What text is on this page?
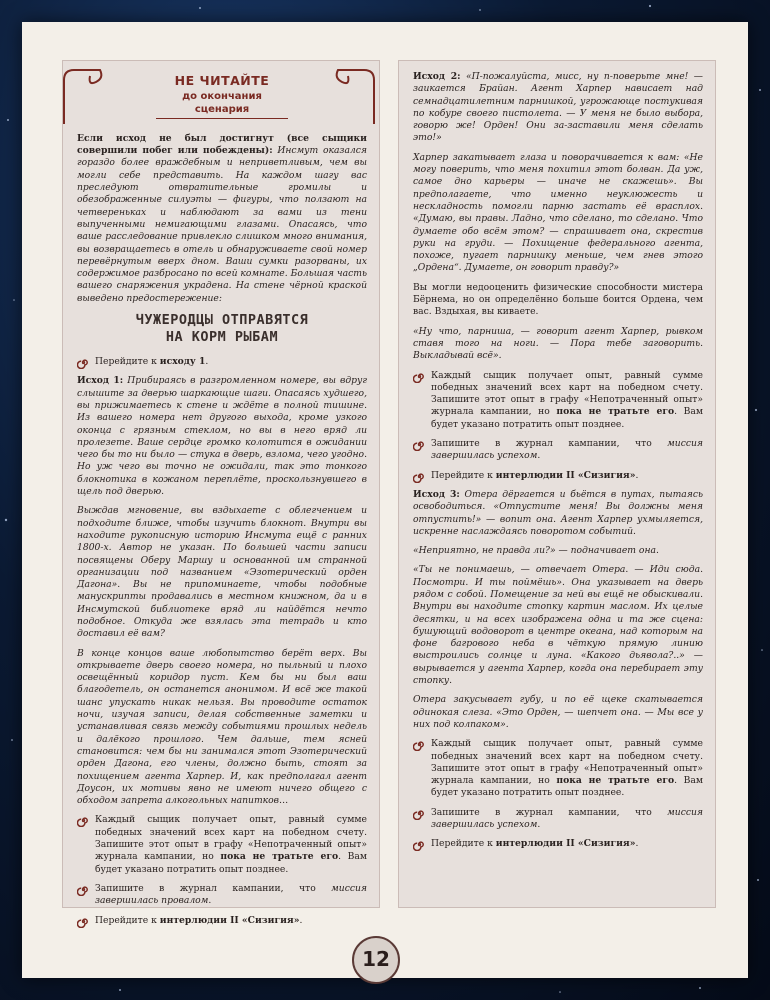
НЕ ЧИТАЙТЕ
до окончания сценария

Если исход не был достигнут (все сыщики совершили побег или побеждены): Инсмут оказался гораздо более враждебным и неприветливым, чем вы могли себе представить. На каждом шагу вас преследуют отвратительные громилы и обезображенные силуэты — фигуры, что ползают на четвереньках и наблюдают за вами из тени выпученными немигающими глазами. Опасаясь, что ваше расследование привлекло слишком много внимания, вы возвращаетесь в отель и обнаруживаете свой номер перевёрнутым вверх дном. Ваши сумки разорваны, их содержимое разбросано по всей комнате. Большая часть вашего снаряжения украдена. На стене чёрной краской выведено предостережение:

ЧУЖЕРОДЦЫ ОТПРАВЯТСЯ
НА КОРМ РЫБАМ

Перейдите к исходу 1.

Исход 1: Прибираясь в разгромленном номере, вы вдруг слышите за дверью шаркающие шаги. Опасаясь худшего, вы прижимаетесь к стене и ждёте в полной тишине. Из вашего номера нет другого выхода, кроме узкого оконца с грязным стеклом, но вы в него вряд ли пролезете. Ваше сердце громко колотится в ожидании чего бы то ни было — стука в дверь, взлома, чего угодно. Но уж чего вы точно не ожидали, так это тонкого блокнотика в кожаном переплёте, проскользнувшего в щель под дверью.

Выждав мгновение, вы вздыхаете с облегчением и подходите ближе, чтобы изучить блокнот. Внутри вы находите рукописную историю Инсмута ещё с ранних 1800-х. Автор не указан. По большей части записи посвящены Оберу Маршу и основанной им странной организации под названием «Эзотерический орден Дагона». Вы не припоминаете, чтобы подобные манускрипты продавались в местном книжном, да и в Инсмутской библиотеке вряд ли найдётся нечто подобное. Откуда же взялась эта тетрадь и кто доставил её вам?

В конце концов ваше любопытство берёт верх. Вы открываете дверь своего номера, но пыльный и плохо освещённый коридор пуст. Кем бы ни был ваш благодетель, он останется анонимом. И всё же такой шанс упускать никак нельзя. Вы проводите остаток ночи, изучая записи, делая собственные заметки и устанавливая связь между событиями прошлых недель и далёкого прошлого. Чем дальше, тем ясней становится: чем бы ни занимался этот Эзотерический орден Дагона, его члены, должно быть, стоят за похищением агента Харпер. И, как предполагал агент Доусон, их мотивы явно не имеют ничего общего с обходом запрета алкогольных напитков…

Каждый сыщик получает опыт, равный сумме победных значений всех карт на победном счету. Запишите этот опыт в графу «Непотраченный опыт» журнала кампании, но пока не тратьте его. Вам будет указано потратить опыт позднее.

Запишите в журнал кампании, что миссия завершилась провалом.

Перейдите к интерлюдии II «Сизигия».

Исход 2: «П-пожалуйста, мисс, ну п-поверьте мне! — заикается Брайан. Агент Харпер нависает над семнадцатилетним парнишкой, угрожающе постукивая по кобуре своего пистолета. — У меня не было выбора, говорю же! Орден! Они за-заставили меня сделать это!»

Харпер закатывает глаза и поворачивается к вам: «Не могу поверить, что меня похитил этот болван. Да уж, самое дно карьеры — иначе не скажешь». Вы предполагаете, что именно неуклюжесть и нескладность помогли парню застать её врасплох. «Думаю, вы правы. Ладно, что сделано, то сделано. Что думаете обо всём этом? — спрашивает она, скрестив руки на груди. — Похищение федерального агента, похоже, пугает парнишку меньше, чем гнев этого „Ордена“. Думаете, он говорит правду?»

Вы могли недооценить физические способности мистера Бёрнема, но он определённо больше боится Ордена, чем вас. Вздыхая, вы киваете.

«Ну что, парниша, — говорит агент Харпер, рывком ставя того на ноги. — Пора тебе заговорить. Выкладывай всё».

Каждый сыщик получает опыт, равный сумме победных значений всех карт на победном счету. Запишите этот опыт в графу «Непотраченный опыт» журнала кампании, но пока не тратьте его. Вам будет указано потратить опыт позднее.

Запишите в журнал кампании, что миссия завершилась успехом.

Перейдите к интерлюдии II «Сизигия».

Исход 3: Отера дёргается и бьётся в путах, пытаясь освободиться. «Отпустите меня! Вы должны меня отпустить!» — вопит она. Агент Харпер ухмыляется, искренне наслаждаясь поворотом событий.

«Неприятно, не правда ли?» — подначивает она.

«Ты не понимаешь, — отвечает Отера. — Иди сюда. Посмотри. И ты поймёшь». Она указывает на дверь рядом с собой. Помещение за ней вы ещё не обыскивали. Внутри вы находите стопку картин маслом. Их целые десятки, и на всех изображена одна и та же сцена: бушующий водоворот в центре океана, над которым на фоне багрового неба в чёткую прямую линию выстроились солнце и луна. «Какого дьявола?..» — вырывается у агента Харпер, когда она перебирает эту стопку.

Отера закусывает губу, и по её щеке скатывается одинокая слеза. «Это Орден, — шепчет она. — Мы все у них под колпаком».

Каждый сыщик получает опыт, равный сумме победных значений всех карт на победном счету. Запишите этот опыт в графу «Непотраченный опыт» журнала кампании, но пока не тратьте его. Вам будет указано потратить опыт позднее.

Запишите в журнал кампании, что миссия завершилась успехом.

Перейдите к интерлюдии II «Сизигия».

12
